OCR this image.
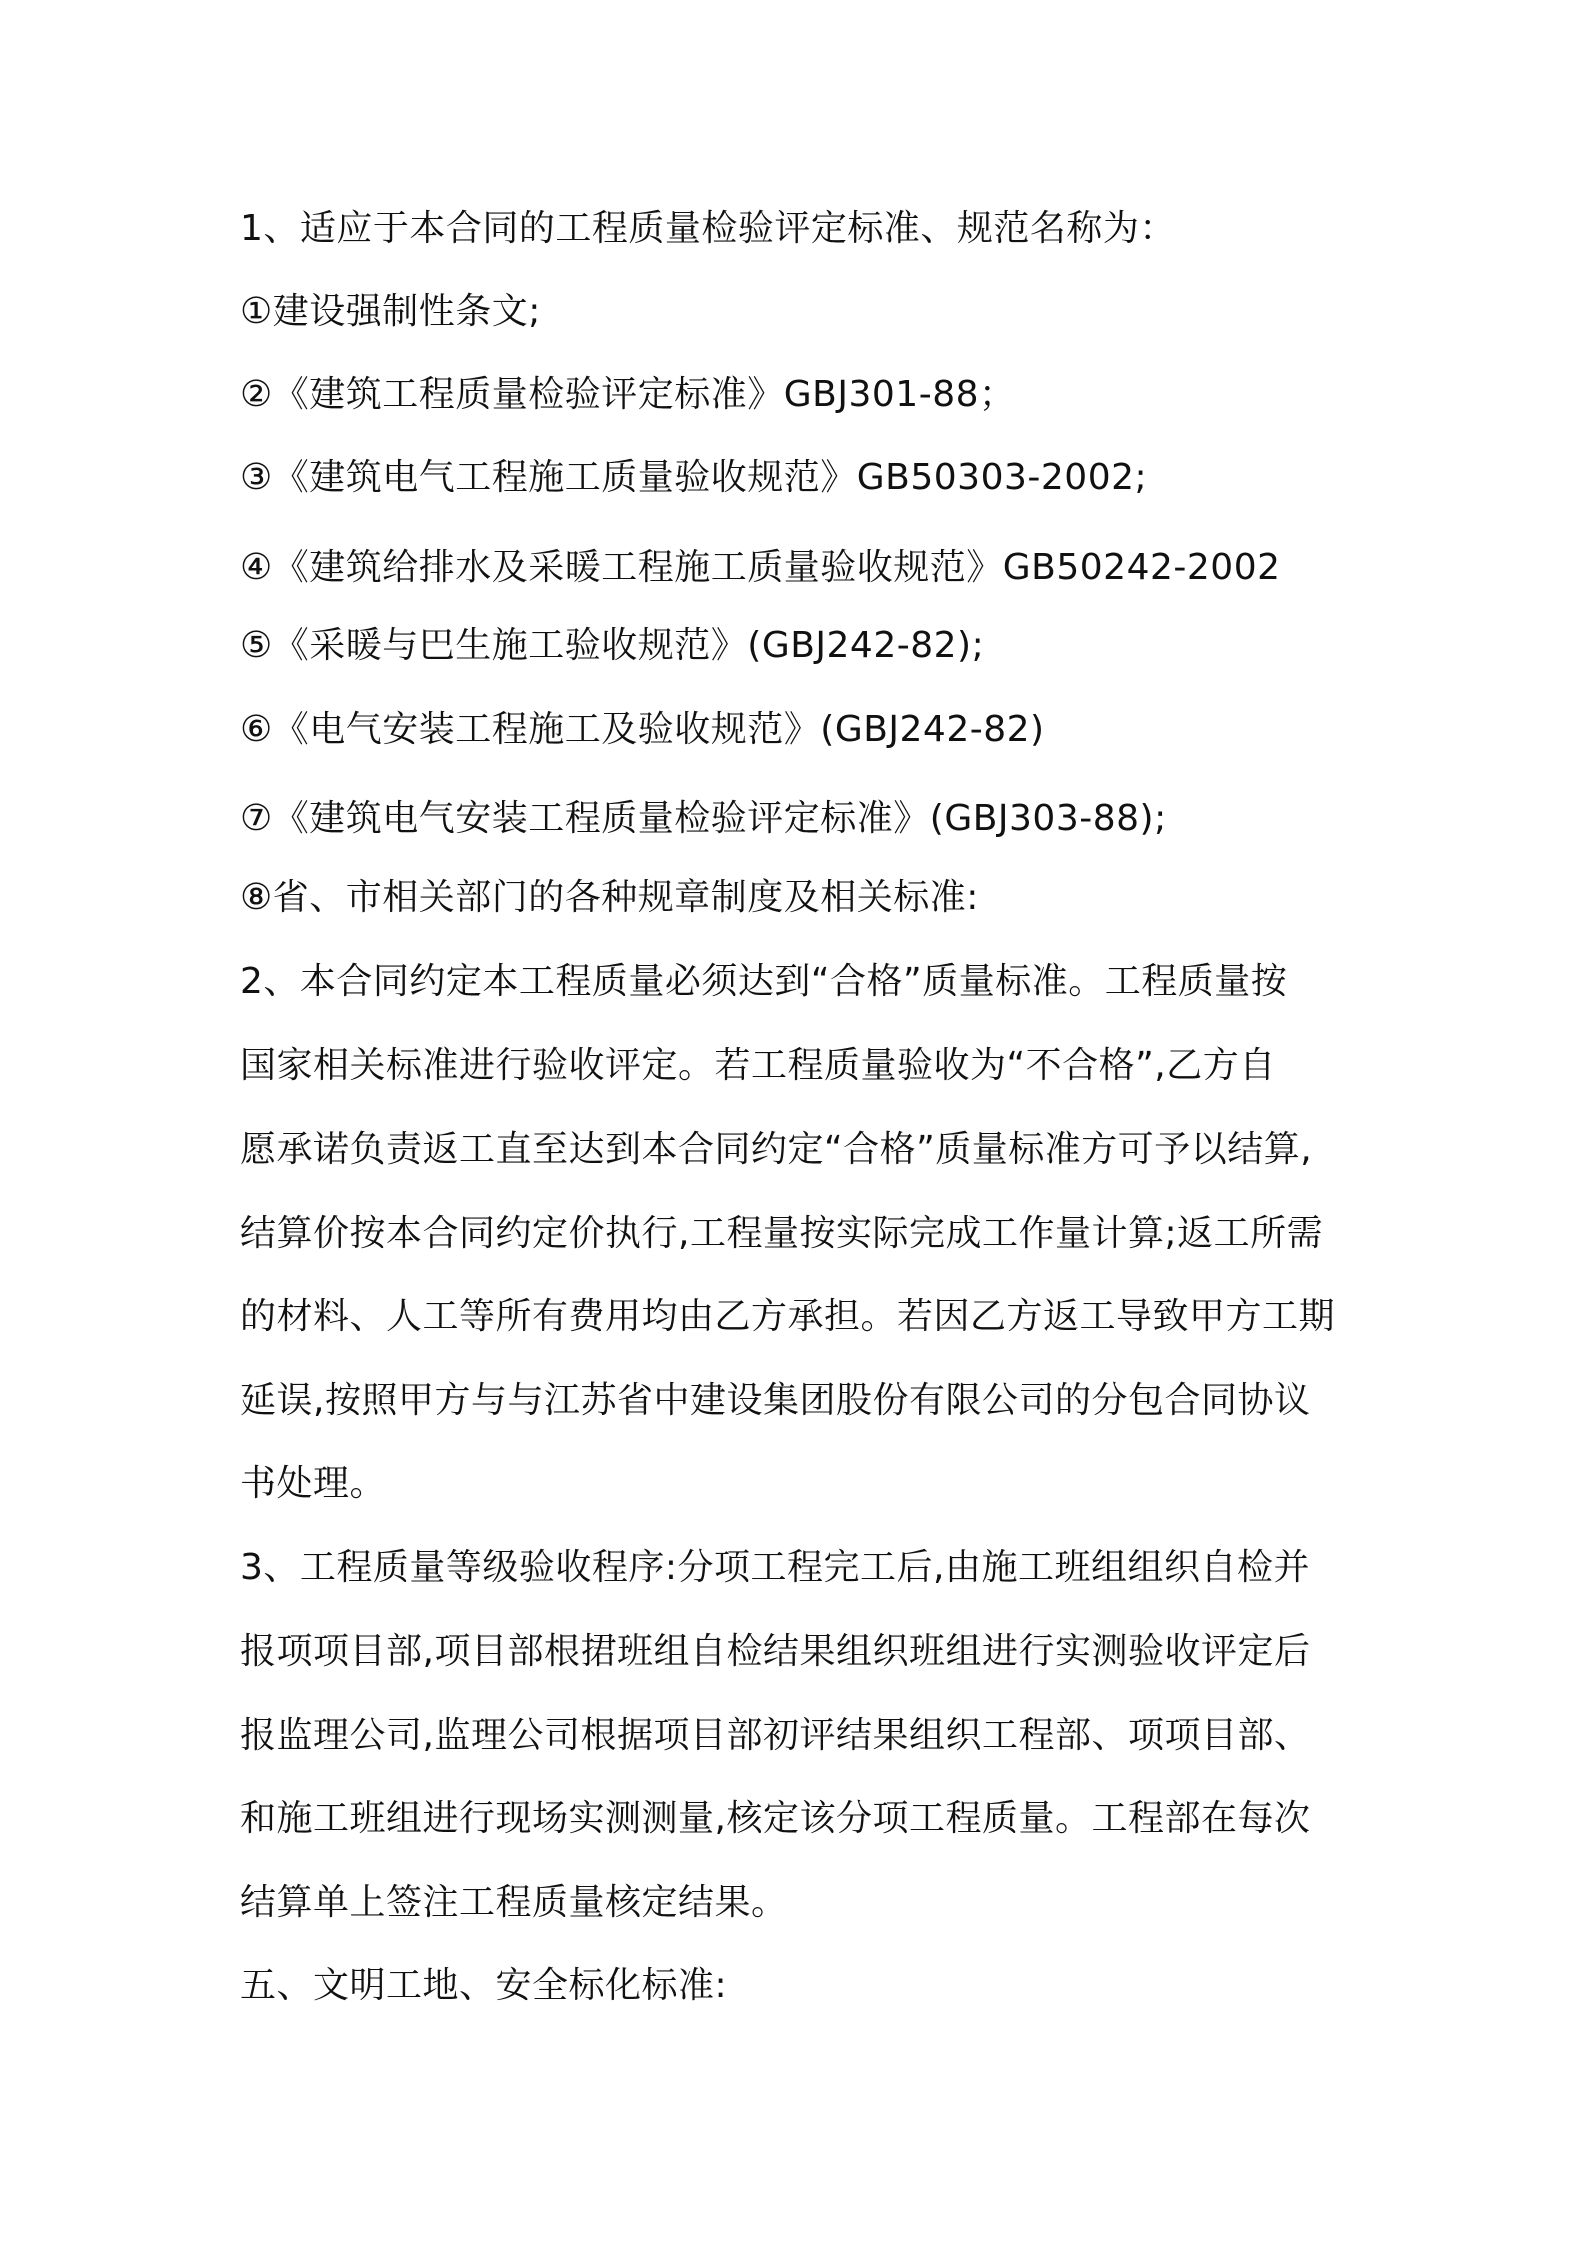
1、适应于本合同的工程质量检验评定标准、规范名称为：
①建设强制性条文;
②《建筑工程质量检验评定标准》GBJ301-88；
③《建筑电气工程施工质量验收规范》GB50303-2002;
④《建筑给排水及采暖工程施工质量验收规范》GB50242-2002
⑤《采暖与巴生施工验收规范》(GBJ242-82);
⑥《电气安装工程施工及验收规范》(GBJ242-82)
⑦《建筑电气安装工程质量检验评定标准》(GBJ303-88);
⑧省、市相关部门的各种规章制度及相关标准:
2、本合同约定本工程质量必须达到“合格”质量标准。工程质量按
国家相关标准进行验收评定。若工程质量验收为“不合格”,乙方自
愿承诺负责返工直至达到本合同约定“合格”质量标准方可予以结算,
结算价按本合同约定价执行,工程量按实际完成工作量计算;返工所需
的材料、人工等所有费用均由乙方承担。若因乙方返工导致甲方工期
延误,按照甲方与与江苏省中建设集团股份有限公司的分包合同协议
书处理。
3、工程质量等级验收程序:分项工程完工后,由施工班组组织自检并
报项项目部,项目部根捃班组自检结果组织班组进行实测验收评定后
报监理公司,监理公司根据项目部初评结果组织工程部、项项目部、
和施工班组进行现场实测测量,核定该分项工程质量。工程部在每次
结算单上签注工程质量核定结果。
五、文明工地、安全标化标准:
